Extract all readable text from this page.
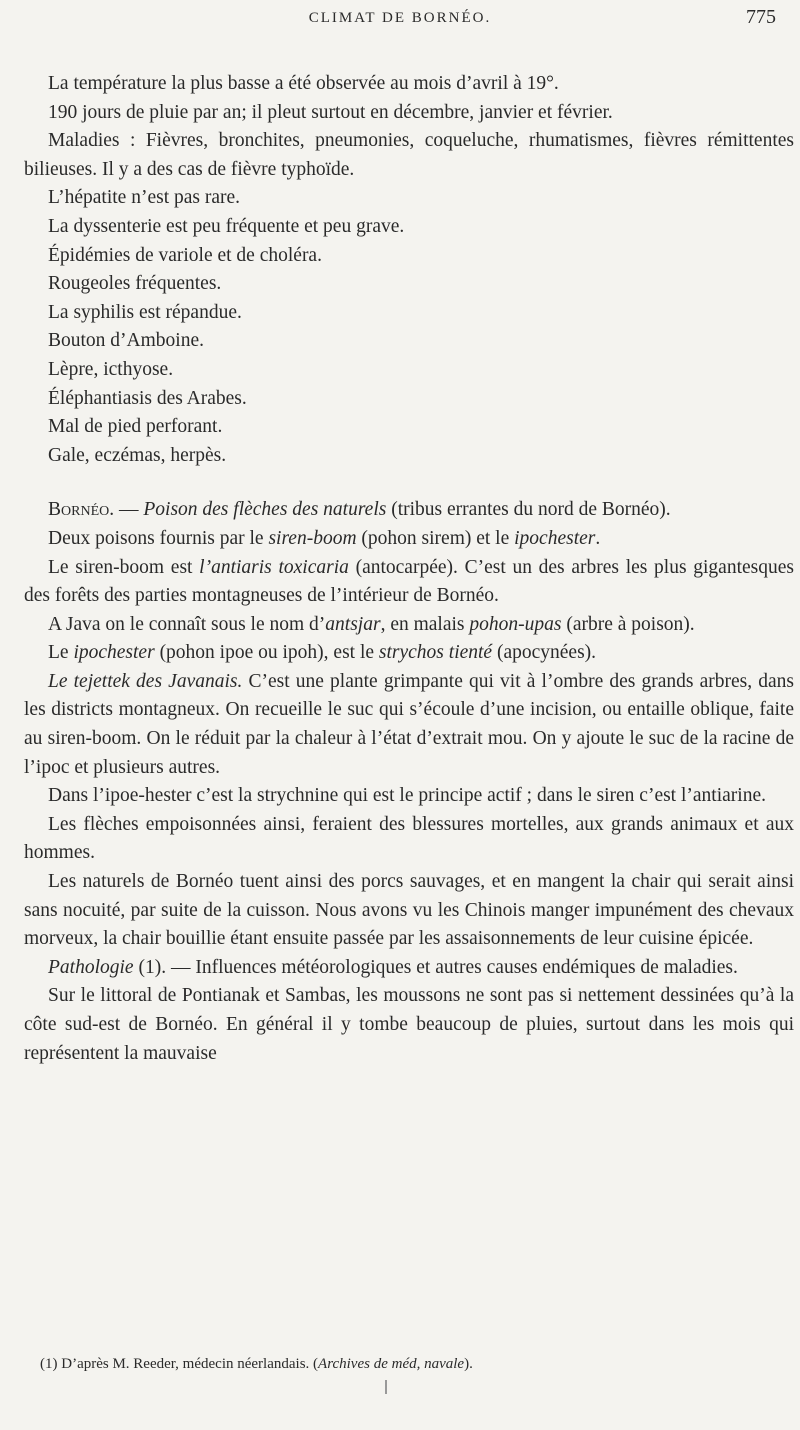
CLIMAT DE BORNÉO.	775

La température la plus basse a été observée au mois d’avril à 19°.

190 jours de pluie par an; il pleut surtout en décembre, janvier et février.

Maladies : Fièvres, bronchites, pneumonies, coqueluche, rhumatismes, fièvres rémittentes bilieuses. Il y a des cas de fièvre typhoïde.

L’hépatite n’est pas rare.

La dyssenterie est peu fréquente et peu grave.

Épidémies de variole et de choléra.

Rougeoles fréquentes.

La syphilis est répandue.

Bouton d’Amboine.

Lèpre, icthyose.

Éléphantiasis des Arabes.

Mal de pied perforant.

Gale, eczémas, herpès.

Bornéo. — Poison des flèches des naturels (tribus errantes du nord de Bornéo).

Deux poisons fournis par le siren-boom (pohon sirem) et le ipochester.

Le siren-boom est l’antiaris toxicaria (antocarpée). C’est un des arbres les plus gigantesques des forêts des parties montagneuses de l’intérieur de Bornéo.

A Java on le connaît sous le nom d’antsjar, en malais pohon-upas (arbre à poison).

Le ipochester (pohon ipoe ou ipoh), est le strychos tienté (apocynées).

Le tejettek des Javanais. C’est une plante grimpante qui vit à l’ombre des grands arbres, dans les districts montagneux. On recueille le suc qui s’écoule d’une incision, ou entaille oblique, faite au siren-boom. On le réduit par la chaleur à l’état d’extrait mou. On y ajoute le suc de la racine de l’ipoc et plusieurs autres.

Dans l’ipoe-hester c’est la strychnine qui est le principe actif ; dans le siren c’est l’antiarine.

Les flèches empoisonnées ainsi, feraient des blessures mortelles, aux grands animaux et aux hommes.

Les naturels de Bornéo tuent ainsi des porcs sauvages, et en mangent la chair qui serait ainsi sans nocuité, par suite de la cuisson. Nous avons vu les Chinois manger impunément des chevaux morveux, la chair bouillie étant ensuite passée par les assaisonnements de leur cuisine épicée.

Pathologie (1). — Influences météorologiques et autres causes endémiques de maladies.

Sur le littoral de Pontianak et Sambas, les moussons ne sont pas si nettement dessinées qu’à la côte sud-est de Bornéo. En général il y tombe beaucoup de pluies, surtout dans les mois qui représentent la mauvaise

(1) D’après M. Reeder, médecin néerlandais. (Archives de méd, navale).
